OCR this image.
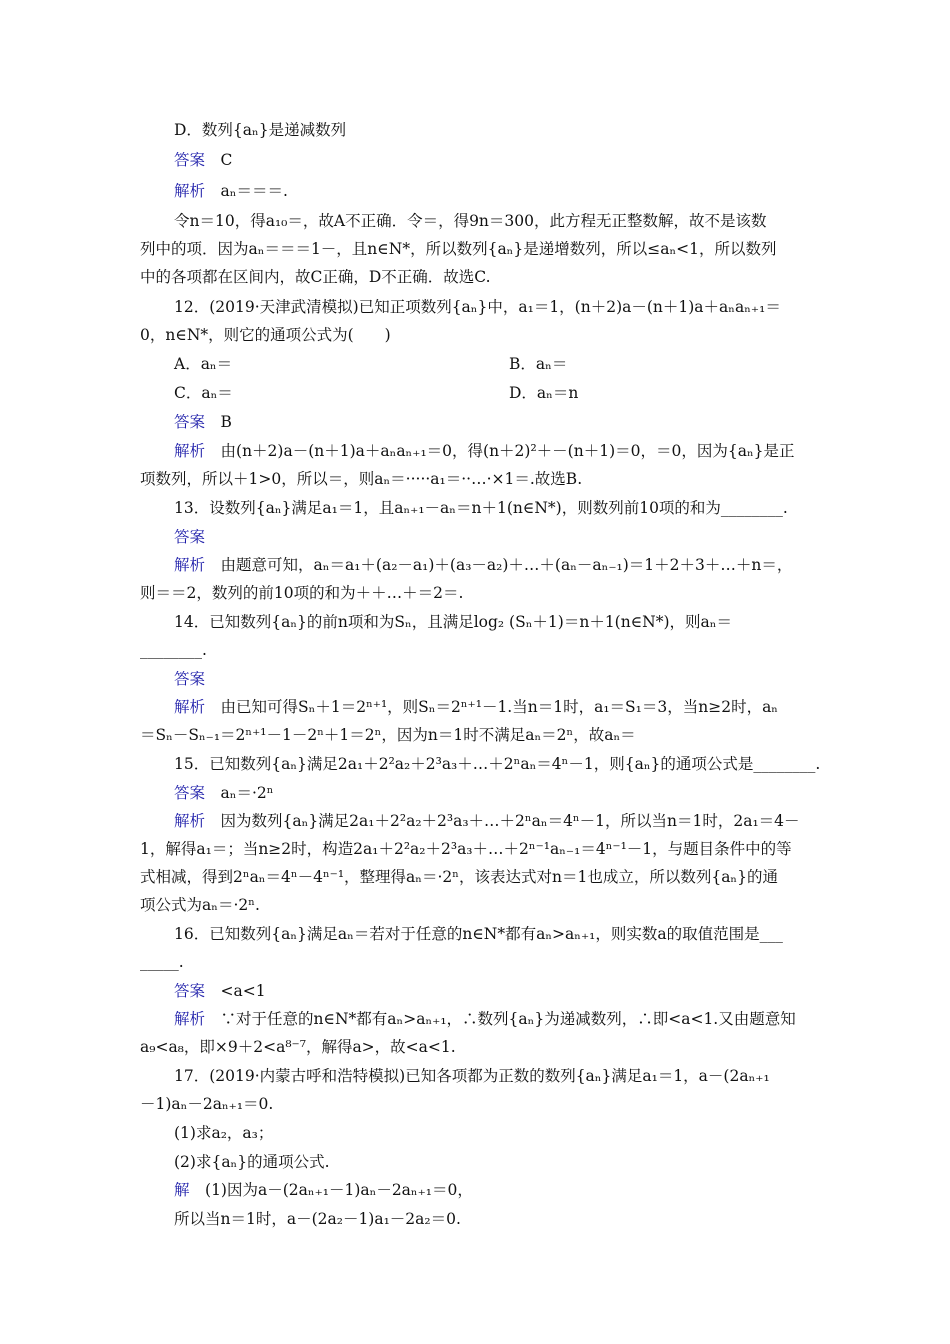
D．数列{aₙ}是递减数列
答案　C
解析　aₙ＝＝＝.
令n＝10，得a₁₀＝，故A不正确．令＝，得9n＝300，此方程无正整数解，故不是该数
列中的项．因为aₙ＝＝＝1－，且n∈N*，所以数列{aₙ}是递增数列，所以≤aₙ<1，所以数列
中的各项都在区间内，故C正确，D不正确．故选C.
12．(2019·天津武清模拟)已知正项数列{aₙ}中，a₁＝1，(n＋2)a－(n＋1)a＋aₙaₙ₊₁＝
0，n∈N*，则它的通项公式为(　　)
A．aₙ＝	B．aₙ＝
C．aₙ＝	D．aₙ＝n
答案　B
解析　由(n＋2)a－(n＋1)a＋aₙaₙ₊₁＝0，得(n＋2)²＋－(n＋1)＝0，＝0，因为{aₙ}是正
项数列，所以＋1>0，所以＝，则aₙ＝·····a₁＝··…·×1＝.故选B.
13．设数列{aₙ}满足a₁＝1，且aₙ₊₁－aₙ＝n＋1(n∈N*)，则数列前10项的和为________.
答案
解析　由题意可知，aₙ＝a₁＋(a₂－a₁)＋(a₃－a₂)＋…＋(aₙ－aₙ₋₁)＝1＋2＋3＋…＋n＝，
则＝＝2，数列的前10项的和为＋＋…＋＝2＝.
14．已知数列{aₙ}的前n项和为Sₙ，且满足log₂ (Sₙ＋1)＝n＋1(n∈N*)，则aₙ＝
________.
答案
解析　由已知可得Sₙ＋1＝2ⁿ⁺¹，则Sₙ＝2ⁿ⁺¹－1.当n＝1时，a₁＝S₁＝3，当n≥2时，aₙ
＝Sₙ－Sₙ₋₁＝2ⁿ⁺¹－1－2ⁿ＋1＝2ⁿ，因为n＝1时不满足aₙ＝2ⁿ，故aₙ＝
15．已知数列{aₙ}满足2a₁＋2²a₂＋2³a₃＋…＋2ⁿaₙ＝4ⁿ－1，则{aₙ}的通项公式是________.
答案　aₙ＝·2ⁿ
解析　因为数列{aₙ}满足2a₁＋2²a₂＋2³a₃＋…＋2ⁿaₙ＝4ⁿ－1，所以当n＝1时，2a₁＝4－
1，解得a₁＝；当n≥2时，构造2a₁＋2²a₂＋2³a₃＋…＋2ⁿ⁻¹aₙ₋₁＝4ⁿ⁻¹－1，与题目条件中的等
式相减，得到2ⁿaₙ＝4ⁿ－4ⁿ⁻¹，整理得aₙ＝·2ⁿ，该表达式对n＝1也成立，所以数列{aₙ}的通
项公式为aₙ＝·2ⁿ.
16．已知数列{aₙ}满足aₙ＝若对于任意的n∈N*都有aₙ>aₙ₊₁，则实数a的取值范围是___
_____.
答案　<a<1
解析　∵对于任意的n∈N*都有aₙ>aₙ₊₁，∴数列{aₙ}为递减数列，∴即<a<1.又由题意知
a₉<a₈，即×9＋2<a⁸⁻⁷，解得a>，故<a<1.
17．(2019·内蒙古呼和浩特模拟)已知各项都为正数的数列{aₙ}满足a₁＝1，a－(2aₙ₊₁
－1)aₙ－2aₙ₊₁＝0.
(1)求a₂，a₃；
(2)求{aₙ}的通项公式.
解　(1)因为a－(2aₙ₊₁－1)aₙ－2aₙ₊₁＝0，
所以当n＝1时，a－(2a₂－1)a₁－2a₂＝0.
